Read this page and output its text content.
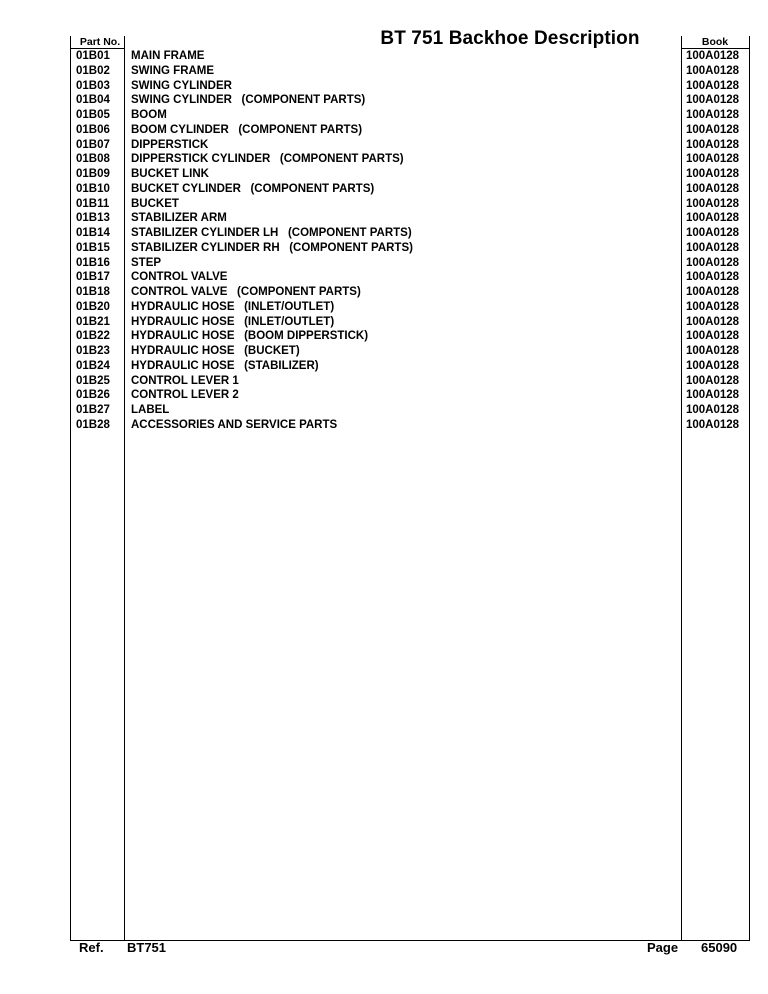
Part No.	BT 751 Backhoe Description	Book
01B01	MAIN FRAME	100A0128
01B02	SWING FRAME	100A0128
01B03	SWING CYLINDER	100A0128
01B04	SWING CYLINDER   (COMPONENT PARTS)	100A0128
01B05	BOOM	100A0128
01B06	BOOM CYLINDER   (COMPONENT PARTS)	100A0128
01B07	DIPPERSTICK	100A0128
01B08	DIPPERSTICK CYLINDER   (COMPONENT PARTS)	100A0128
01B09	BUCKET LINK	100A0128
01B10	BUCKET CYLINDER   (COMPONENT PARTS)	100A0128
01B11	BUCKET	100A0128
01B13	STABILIZER ARM	100A0128
01B14	STABILIZER CYLINDER LH   (COMPONENT PARTS)	100A0128
01B15	STABILIZER CYLINDER RH   (COMPONENT PARTS)	100A0128
01B16	STEP	100A0128
01B17	CONTROL VALVE	100A0128
01B18	CONTROL VALVE   (COMPONENT PARTS)	100A0128
01B20	HYDRAULIC HOSE   (INLET/OUTLET)	100A0128
01B21	HYDRAULIC HOSE   (INLET/OUTLET)	100A0128
01B22	HYDRAULIC HOSE   (BOOM DIPPERSTICK)	100A0128
01B23	HYDRAULIC HOSE   (BUCKET)	100A0128
01B24	HYDRAULIC HOSE   (STABILIZER)	100A0128
01B25	CONTROL LEVER 1	100A0128
01B26	CONTROL LEVER 2	100A0128
01B27	LABEL	100A0128
01B28	ACCESSORIES AND SERVICE PARTS	100A0128
Ref. BT751	Page 65090
